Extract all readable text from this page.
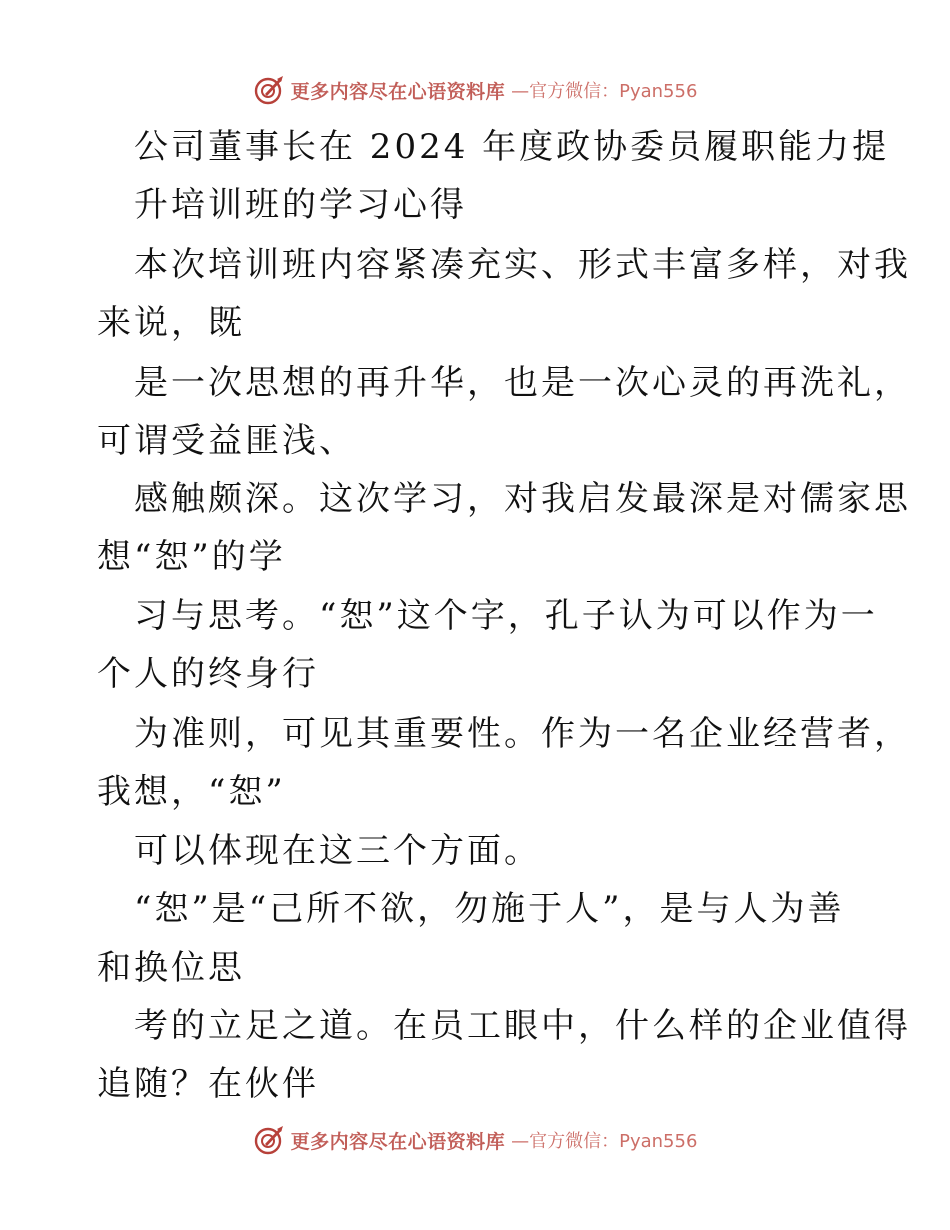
更多内容尽在心语资料库 —官方微信：Pyan556
公司董事长在 2024 年度政协委员履职能力提
升培训班的学习心得
本次培训班内容紧凑充实、形式丰富多样，对我
来说，既
是一次思想的再升华，也是一次心灵的再洗礼，
可谓受益匪浅、
感触颇深。这次学习，对我启发最深是对儒家思
想“恕”的学
习与思考。“恕”这个字，孔子认为可以作为一
个人的终身行
为准则，可见其重要性。作为一名企业经营者，
我想，“恕”
可以体现在这三个方面。
“恕”是“己所不欲，勿施于人”，是与人为善
和换位思
考的立足之道。在员工眼中，什么样的企业值得
追随？在伙伴
更多内容尽在心语资料库 —官方微信：Pyan556
